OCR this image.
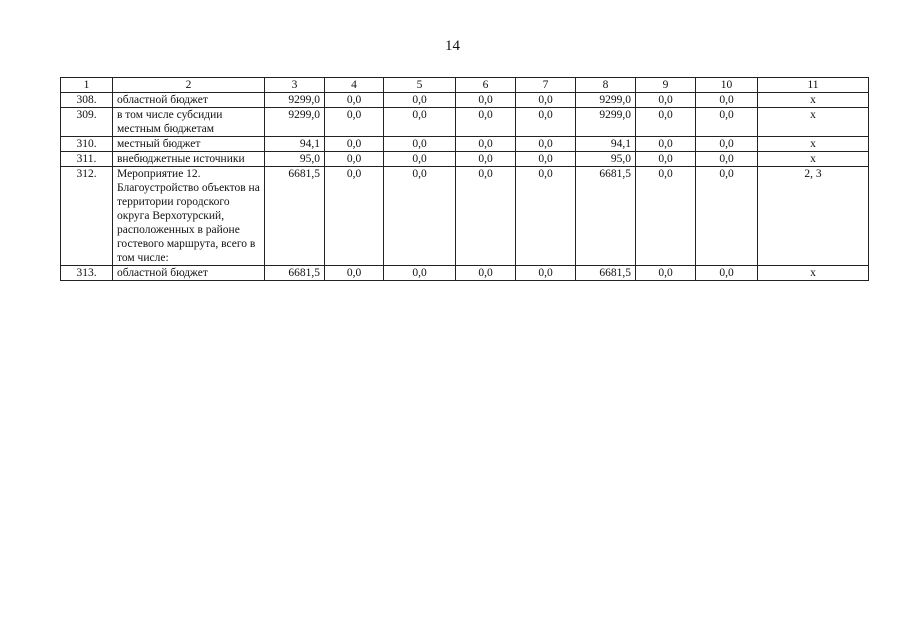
14
1	2	3	4	5	6	7	8	9	10	11
308.	областной бюджет	9299,0	0,0	0,0	0,0	0,0	9299,0	0,0	0,0	х
309.	в том числе субсидии местным бюджетам	9299,0	0,0	0,0	0,0	0,0	9299,0	0,0	0,0	х
310.	местный бюджет	94,1	0,0	0,0	0,0	0,0	94,1	0,0	0,0	х
311.	внебюджетные источники	95,0	0,0	0,0	0,0	0,0	95,0	0,0	0,0	х
312.	Мероприятие 12. Благоустройство объектов на территории городского округа Верхотурский, расположенных в районе гостевого маршрута, всего в том числе:	6681,5	0,0	0,0	0,0	0,0	6681,5	0,0	0,0	2, 3
313.	областной бюджет	6681,5	0,0	0,0	0,0	0,0	6681,5	0,0	0,0	х
